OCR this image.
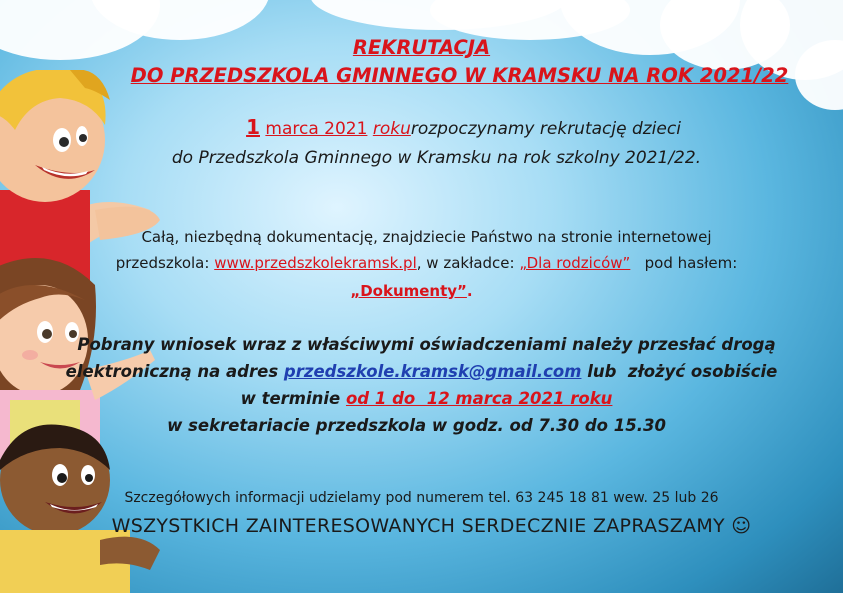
REKRUTACJA
DO PRZEDSZKOLA GMINNEGO W KRAMSKU NA ROK 2021/22
1 marca 2021 rokurozpoczynamy rekrutację dzieci
do Przedszkola Gminnego w Kramsku na rok szkolny 2021/22.
Całą, niezbędną dokumentację, znajdziecie Państwo na stronie internetowej
przedszkola: www.przedszkolekramsk.pl, w zakładce: „Dla rodziców”   pod hasłem:
„Dokumenty”.
Pobrany wniosek wraz z właściwymi oświadczeniami należy przesłać drogą
elektroniczną na adres przedszkole.kramsk@gmail.com lub  złożyć osobiście
w terminie od 1 do  12 marca 2021 roku
w sekretariacie przedszkola w godz. od 7.30 do 15.30
Szczegółowych informacji udzielamy pod numerem tel. 63 245 18 81 wew. 25 lub 26
WSZYSTKICH ZAINTERESOWANYCH SERDECZNIE ZAPRASZAMY ☺
